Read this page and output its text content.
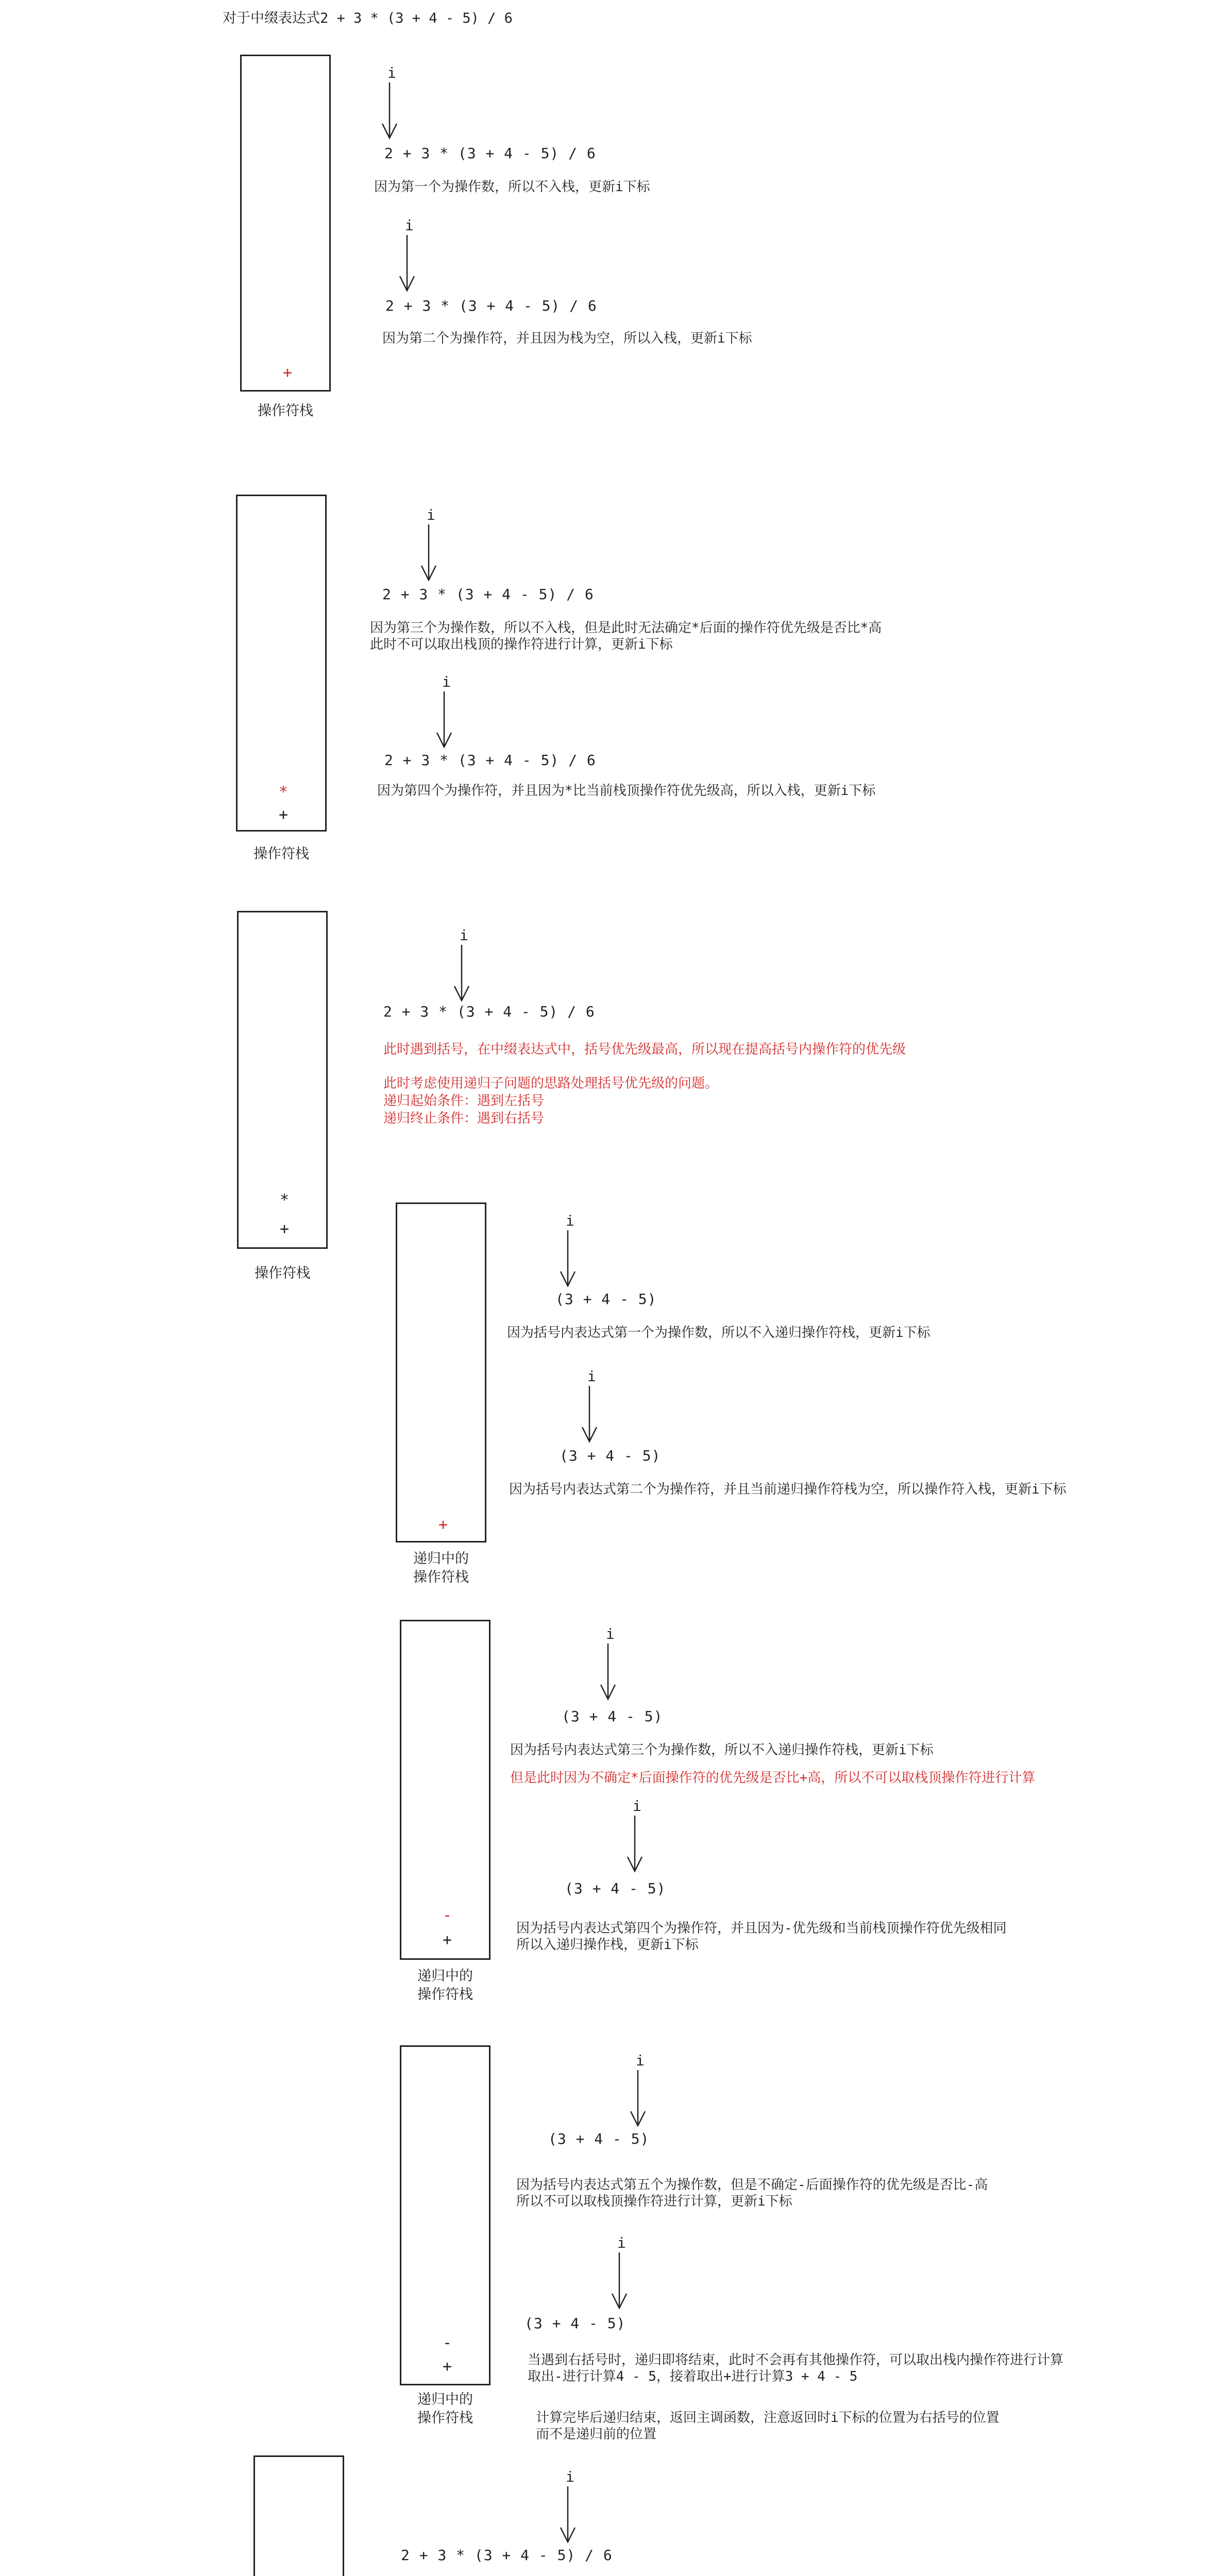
对于中缀表达式2 + 3 * (3 + 4 - 5) / 6
+
操作符栈
i
2 + 3 * (3 + 4 - 5) / 6
因为第一个为操作数，所以不入栈，更新i下标
i
2 + 3 * (3 + 4 - 5) / 6
因为第二个为操作符，并且因为栈为空，所以入栈，更新i下标
*
+
操作符栈
i
2 + 3 * (3 + 4 - 5) / 6
因为第三个为操作数，所以不入栈，但是此时无法确定*后面的操作符优先级是否比*高
此时不可以取出栈顶的操作符进行计算，更新i下标
i
2 + 3 * (3 + 4 - 5) / 6
因为第四个为操作符，并且因为*比当前栈顶操作符优先级高，所以入栈，更新i下标
*
+
操作符栈
i
2 + 3 * (3 + 4 - 5) / 6
此时遇到括号，在中缀表达式中，括号优先级最高，所以现在提高括号内操作符的优先级
此时考虑使用递归子问题的思路处理括号优先级的问题。
递归起始条件：遇到左括号
递归终止条件：遇到右括号
+
递归中的
操作符栈
i
(3 + 4 - 5)
因为括号内表达式第一个为操作数，所以不入递归操作符栈，更新i下标
i
(3 + 4 - 5)
因为括号内表达式第二个为操作符，并且当前递归操作符栈为空，所以操作符入栈，更新i下标
-
+
递归中的
操作符栈
i
(3 + 4 - 5)
因为括号内表达式第三个为操作数，所以不入递归操作符栈，更新i下标
但是此时因为不确定*后面操作符的优先级是否比+高，所以不可以取栈顶操作符进行计算
i
(3 + 4 - 5)
因为括号内表达式第四个为操作符，并且因为-优先级和当前栈顶操作符优先级相同
所以入递归操作栈，更新i下标
-
+
递归中的
操作符栈
i
(3 + 4 - 5)
因为括号内表达式第五个为操作数，但是不确定-后面操作符的优先级是否比-高
所以不可以取栈顶操作符进行计算，更新i下标
i
(3 + 4 - 5)
当遇到右括号时，递归即将结束，此时不会再有其他操作符，可以取出栈内操作符进行计算
取出-进行计算4 - 5，接着取出+进行计算3 + 4 - 5
计算完毕后递归结束，返回主调函数，注意返回时i下标的位置为右括号的位置
而不是递归前的位置
i
2 + 3 * (3 + 4 - 5) / 6
